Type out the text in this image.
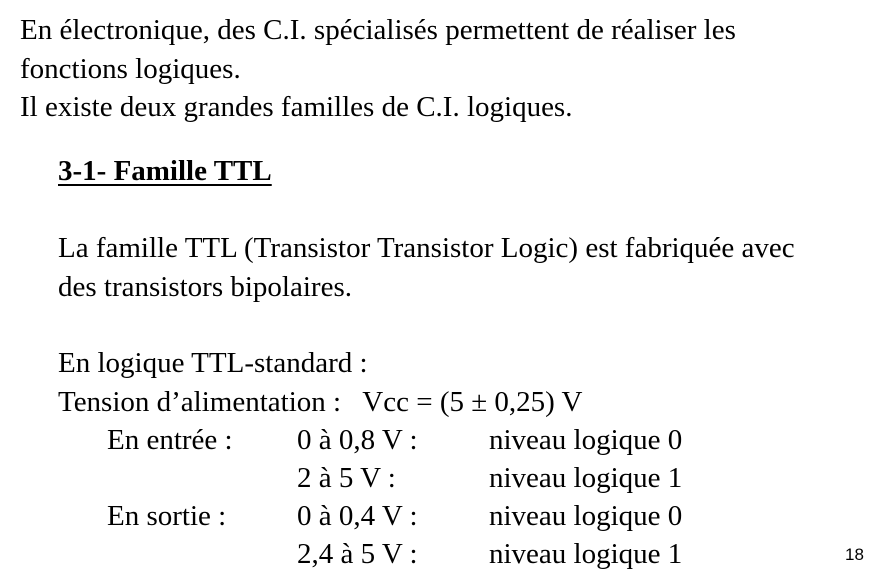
En électronique, des C.I. spécialisés permettent de réaliser les
fonctions logiques.
Il existe deux grandes familles de C.I. logiques.
3-1- Famille TTL
La famille TTL (Transistor Transistor Logic) est fabriquée avec
des transistors bipolaires.
En logique TTL-standard :
Tension d’alimentation :   Vcc = (5 ± 0,25) V
En entrée : 0 à 0,8 V : niveau logique 0
2 à 5 V :	niveau logique 1
En sortie : 0 à 0,4 V : niveau logique 0
2,4 à 5 V : niveau logique 1	18
